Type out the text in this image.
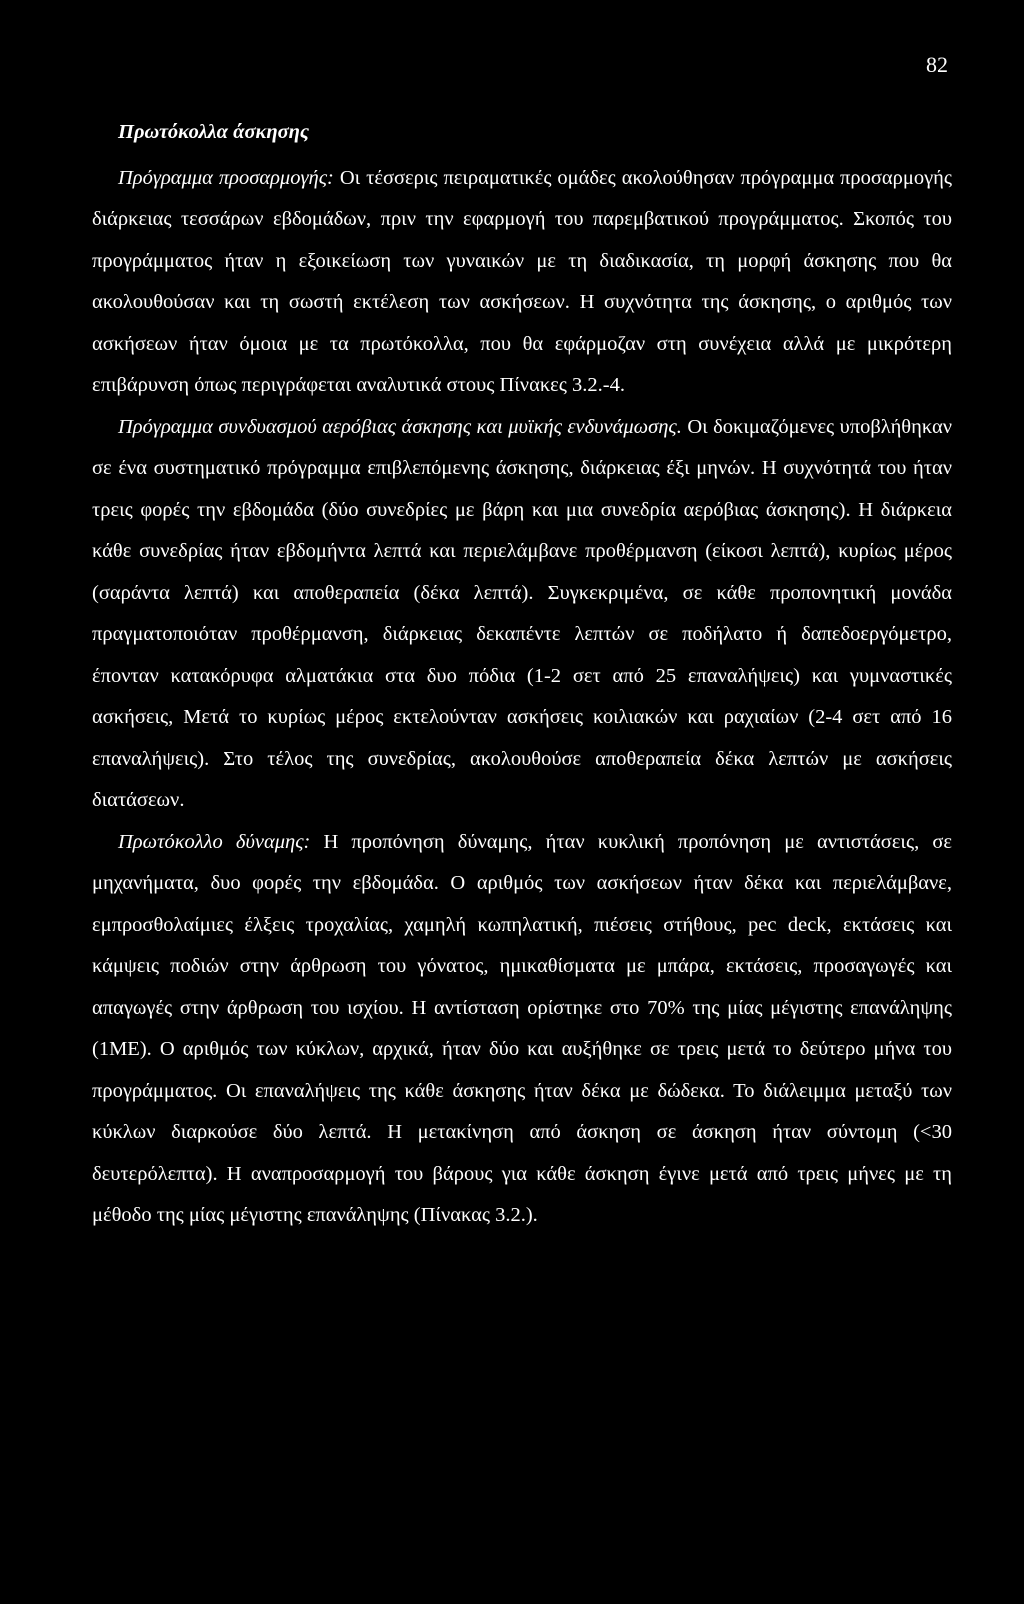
82
Πρωτόκολλα άσκησης

Πρόγραμμα προσαρμογής: Οι τέσσερις πειραματικές ομάδες ακολούθησαν πρόγραμμα προσαρμογής διάρκειας τεσσάρων εβδομάδων, πριν την εφαρμογή του παρεμβατικού προγράμματος. Σκοπός του προγράμματος ήταν η εξοικείωση των γυναικών με τη διαδικασία, τη μορφή άσκησης που θα ακολουθούσαν και τη σωστή εκτέλεση των ασκήσεων. Η συχνότητα της άσκησης, ο αριθμός των ασκήσεων ήταν όμοια με τα πρωτόκολλα, που θα εφάρμοζαν στη συνέχεια αλλά με μικρότερη επιβάρυνση όπως περιγράφεται αναλυτικά στους Πίνακες 3.2.-4.

Πρόγραμμα συνδυασμού αερόβιας άσκησης και μυϊκής ενδυνάμωσης. Οι δοκιμαζόμενες υποβλήθηκαν σε ένα συστηματικό πρόγραμμα επιβλεπόμενης άσκησης, διάρκειας έξι μηνών. Η συχνότητά του ήταν τρεις φορές την εβδομάδα (δύο συνεδρίες με βάρη και μια συνεδρία αερόβιας άσκησης). Η διάρκεια κάθε συνεδρίας ήταν εβδομήντα λεπτά και περιελάμβανε προθέρμανση (είκοσι λεπτά), κυρίως μέρος (σαράντα λεπτά) και αποθεραπεία (δέκα λεπτά). Συγκεκριμένα, σε κάθε προπονητική μονάδα πραγματοποιόταν προθέρμανση, διάρκειας δεκαπέντε λεπτών σε ποδήλατο ή δαπεδοεργόμετρο, έπονταν κατακόρυφα αλματάκια στα δυο πόδια (1-2 σετ από 25 επαναλήψεις) και γυμναστικές ασκήσεις, Μετά το κυρίως μέρος εκτελούνταν ασκήσεις κοιλιακών και ραχιαίων (2-4 σετ από 16 επαναλήψεις). Στο τέλος της συνεδρίας, ακολουθούσε αποθεραπεία δέκα λεπτών με ασκήσεις διατάσεων.

Πρωτόκολλο δύναμης: Η προπόνηση δύναμης, ήταν κυκλική προπόνηση με αντιστάσεις, σε μηχανήματα, δυο φορές την εβδομάδα. Ο αριθμός των ασκήσεων ήταν δέκα και περιελάμβανε, εμπροσθολαίμιες έλξεις τροχαλίας, χαμηλή κωπηλατική, πιέσεις στήθους, pec deck, εκτάσεις και κάμψεις ποδιών στην άρθρωση του γόνατος, ημικαθίσματα με μπάρα, εκτάσεις, προσαγωγές και απαγωγές στην άρθρωση του ισχίου. Η αντίσταση ορίστηκε στο 70% της μίας μέγιστης επανάληψης (1ΜΕ). Ο αριθμός των κύκλων, αρχικά, ήταν δύο και αυξήθηκε σε τρεις μετά το δεύτερο μήνα του προγράμματος. Οι επαναλήψεις της κάθε άσκησης ήταν δέκα με δώδεκα. Το διάλειμμα μεταξύ των κύκλων διαρκούσε δύο λεπτά. Η μετακίνηση από άσκηση σε άσκηση ήταν σύντομη (<30 δευτερόλεπτα). Η αναπροσαρμογή του βάρους για κάθε άσκηση έγινε μετά από τρεις μήνες με τη μέθοδο της μίας μέγιστης επανάληψης (Πίνακας 3.2.).
